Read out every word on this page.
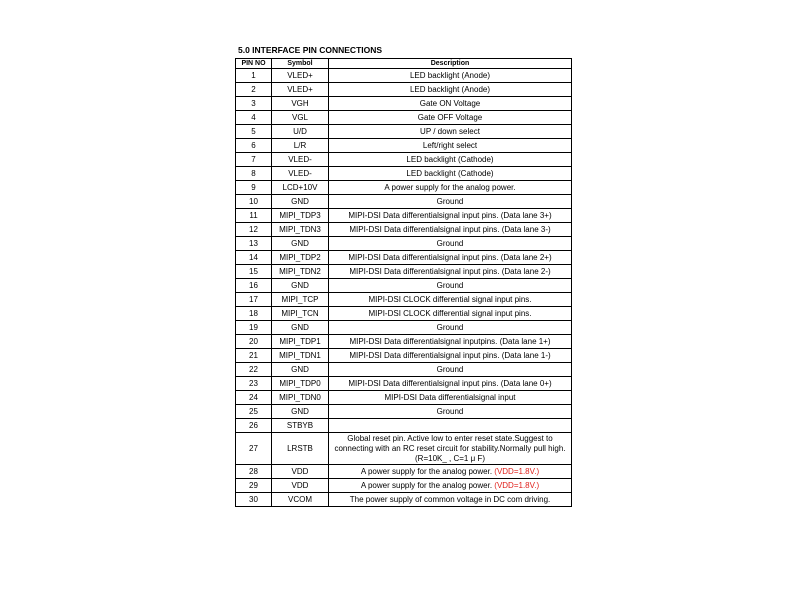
5.0 INTERFACE PIN CONNECTIONS
PIN NO	Symbol	Description
1	VLED+	LED backlight (Anode)
2	VLED+	LED backlight (Anode)
3	VGH	Gate ON Voltage
4	VGL	Gate OFF Voltage
5	U/D	UP / down select
6	L/R	Left/right select
7	VLED-	LED backlight (Cathode)
8	VLED-	LED backlight (Cathode)
9	LCD+10V	A power supply for the analog power.
10	GND	Ground
11	MIPI_TDP3	MIPI-DSI Data differentialsignal input pins. (Data lane 3+)
12	MIPI_TDN3	MIPI-DSI Data differentialsignal input pins. (Data lane 3-)
13	GND	Ground
14	MIPI_TDP2	MIPI-DSI Data differentialsignal input pins. (Data lane 2+)
15	MIPI_TDN2	MIPI-DSI Data differentialsignal input pins. (Data lane 2-)
16	GND	Ground
17	MIPI_TCP	MIPI-DSI CLOCK differential signal input pins.
18	MIPI_TCN	MIPI-DSI CLOCK differential signal input pins.
19	GND	Ground
20	MIPI_TDP1	MIPI-DSI Data differentialsignal inputpins. (Data lane 1+)
21	MIPI_TDN1	MIPI-DSI Data differentialsignal input pins. (Data lane 1-)
22	GND	Ground
23	MIPI_TDP0	MIPI-DSI Data differentialsignal input pins. (Data lane 0+)
24	MIPI_TDN0	MIPI-DSI Data differentialsignal input
25	GND	Ground
26	STBYB	
27	LRSTB	Global reset pin. Active low to enter reset state.Suggest to connecting with an RC reset circuit for stability.Normally pull high. (R=10K_ , C=1 μ F)
28	VDD	A power supply for the analog power. (VDD=1.8V.)
29	VDD	A power supply for the analog power. (VDD=1.8V.)
30	VCOM	The power supply of common voltage in DC com driving.
